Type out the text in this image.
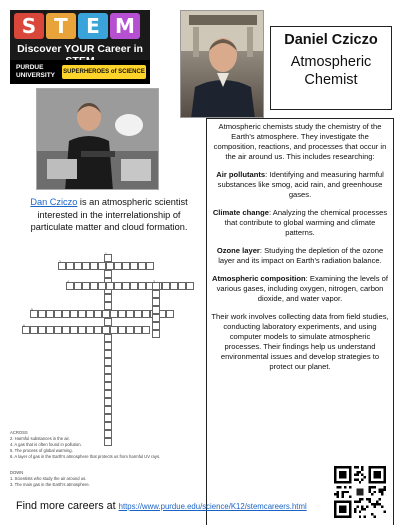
S T E M
Discover YOUR Career in
PURDUE UNIVERSITY	SUPERHEROES of SCIENCE
Daniel Cziczo
Atmospheric Chemist
Dan Cziczo is an atmospheric scientist interested in the interrelationship of particulate matter and cloud formation.

Atmospheric chemists study the chemistry of the Earth's atmosphere. They investigate the composition, reactions, and processes that occur in the air around us. This includes researching:

Air pollutants: Identifying and measuring harmful substances like smog, acid rain, and greenhouse gases.

Climate change: Analyzing the chemical processes that contribute to global warming and climate patterns.

Ozone layer: Studying the depletion of the ozone layer and its impact on Earth's radiation balance.

Atmospheric composition: Examining the levels of various gases, including oxygen, nitrogen, carbon dioxide, and water vapor.

Their work involves collecting data from field studies, conducting laboratory experiments, and using computer models to simulate atmospheric processes. Their findings help us understand environmental issues and develop strategies to protect our planet.

1
2
3
4
5
6
ACROSS
2. Harmful substances in the air.
4. A gas that is often found in pollution.
5. The process of global warming.
6. A layer of gas in the Earth's atmosphere that protects us from harmful UV rays.
DOWN
1. Scientists who study the air around us.
3. The main gas in the Earth's atmosphere.
Find more careers at https://www.purdue.edu/science/K12/stemcareers.html
